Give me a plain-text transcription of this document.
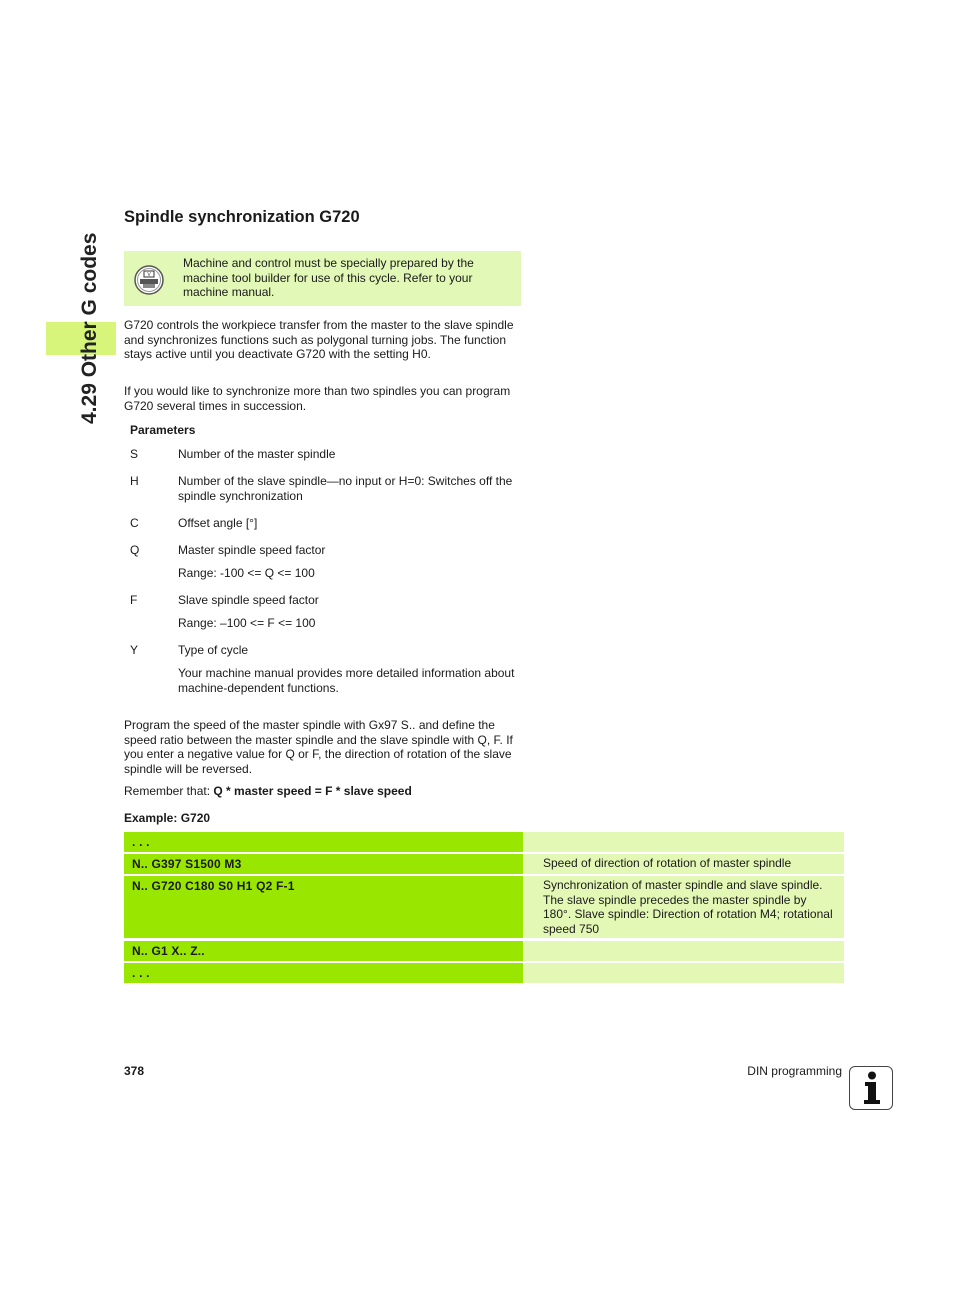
4.29 Other G codes
Spindle synchronization G720
V
Machine and control must be specially prepared by the machine tool builder for use of this cycle. Refer to your machine manual.

G720 controls the workpiece transfer from the master to the slave spindle and synchronizes functions such as polygonal turning jobs. The function stays active until you deactivate G720 with the setting H0.

If you would like to synchronize more than two spindles you can program G720 several times in succession.

Parameters
S	Number of the master spindle
H	Number of the slave spindle—no input or H=0: Switches off the spindle synchronization
C	Offset angle [°]
Q	Master spindle speed factor
Range: -100 <= Q <= 100
F	Slave spindle speed factor
Range: –100 <= F <= 100
Y	Type of cycle
Your machine manual provides more detailed information about machine-dependent functions.

Program the speed of the master spindle with Gx97 S.. and define the speed ratio between the master spindle and the slave spindle with Q, F. If you enter a negative value for Q or F, the direction of rotation of the slave spindle will be reversed.

Remember that: Q * master speed = F * slave speed
Example: G720
. . .
N.. G397 S1500 M3	Speed of direction of rotation of master spindle
N.. G720 C180 S0 H1 Q2 F-1	Synchronization of master spindle and slave spindle. The slave spindle precedes the master spindle by 180°. Slave spindle: Direction of rotation M4; rotational speed 750
N.. G1 X.. Z..
. . .
378	DIN programming
